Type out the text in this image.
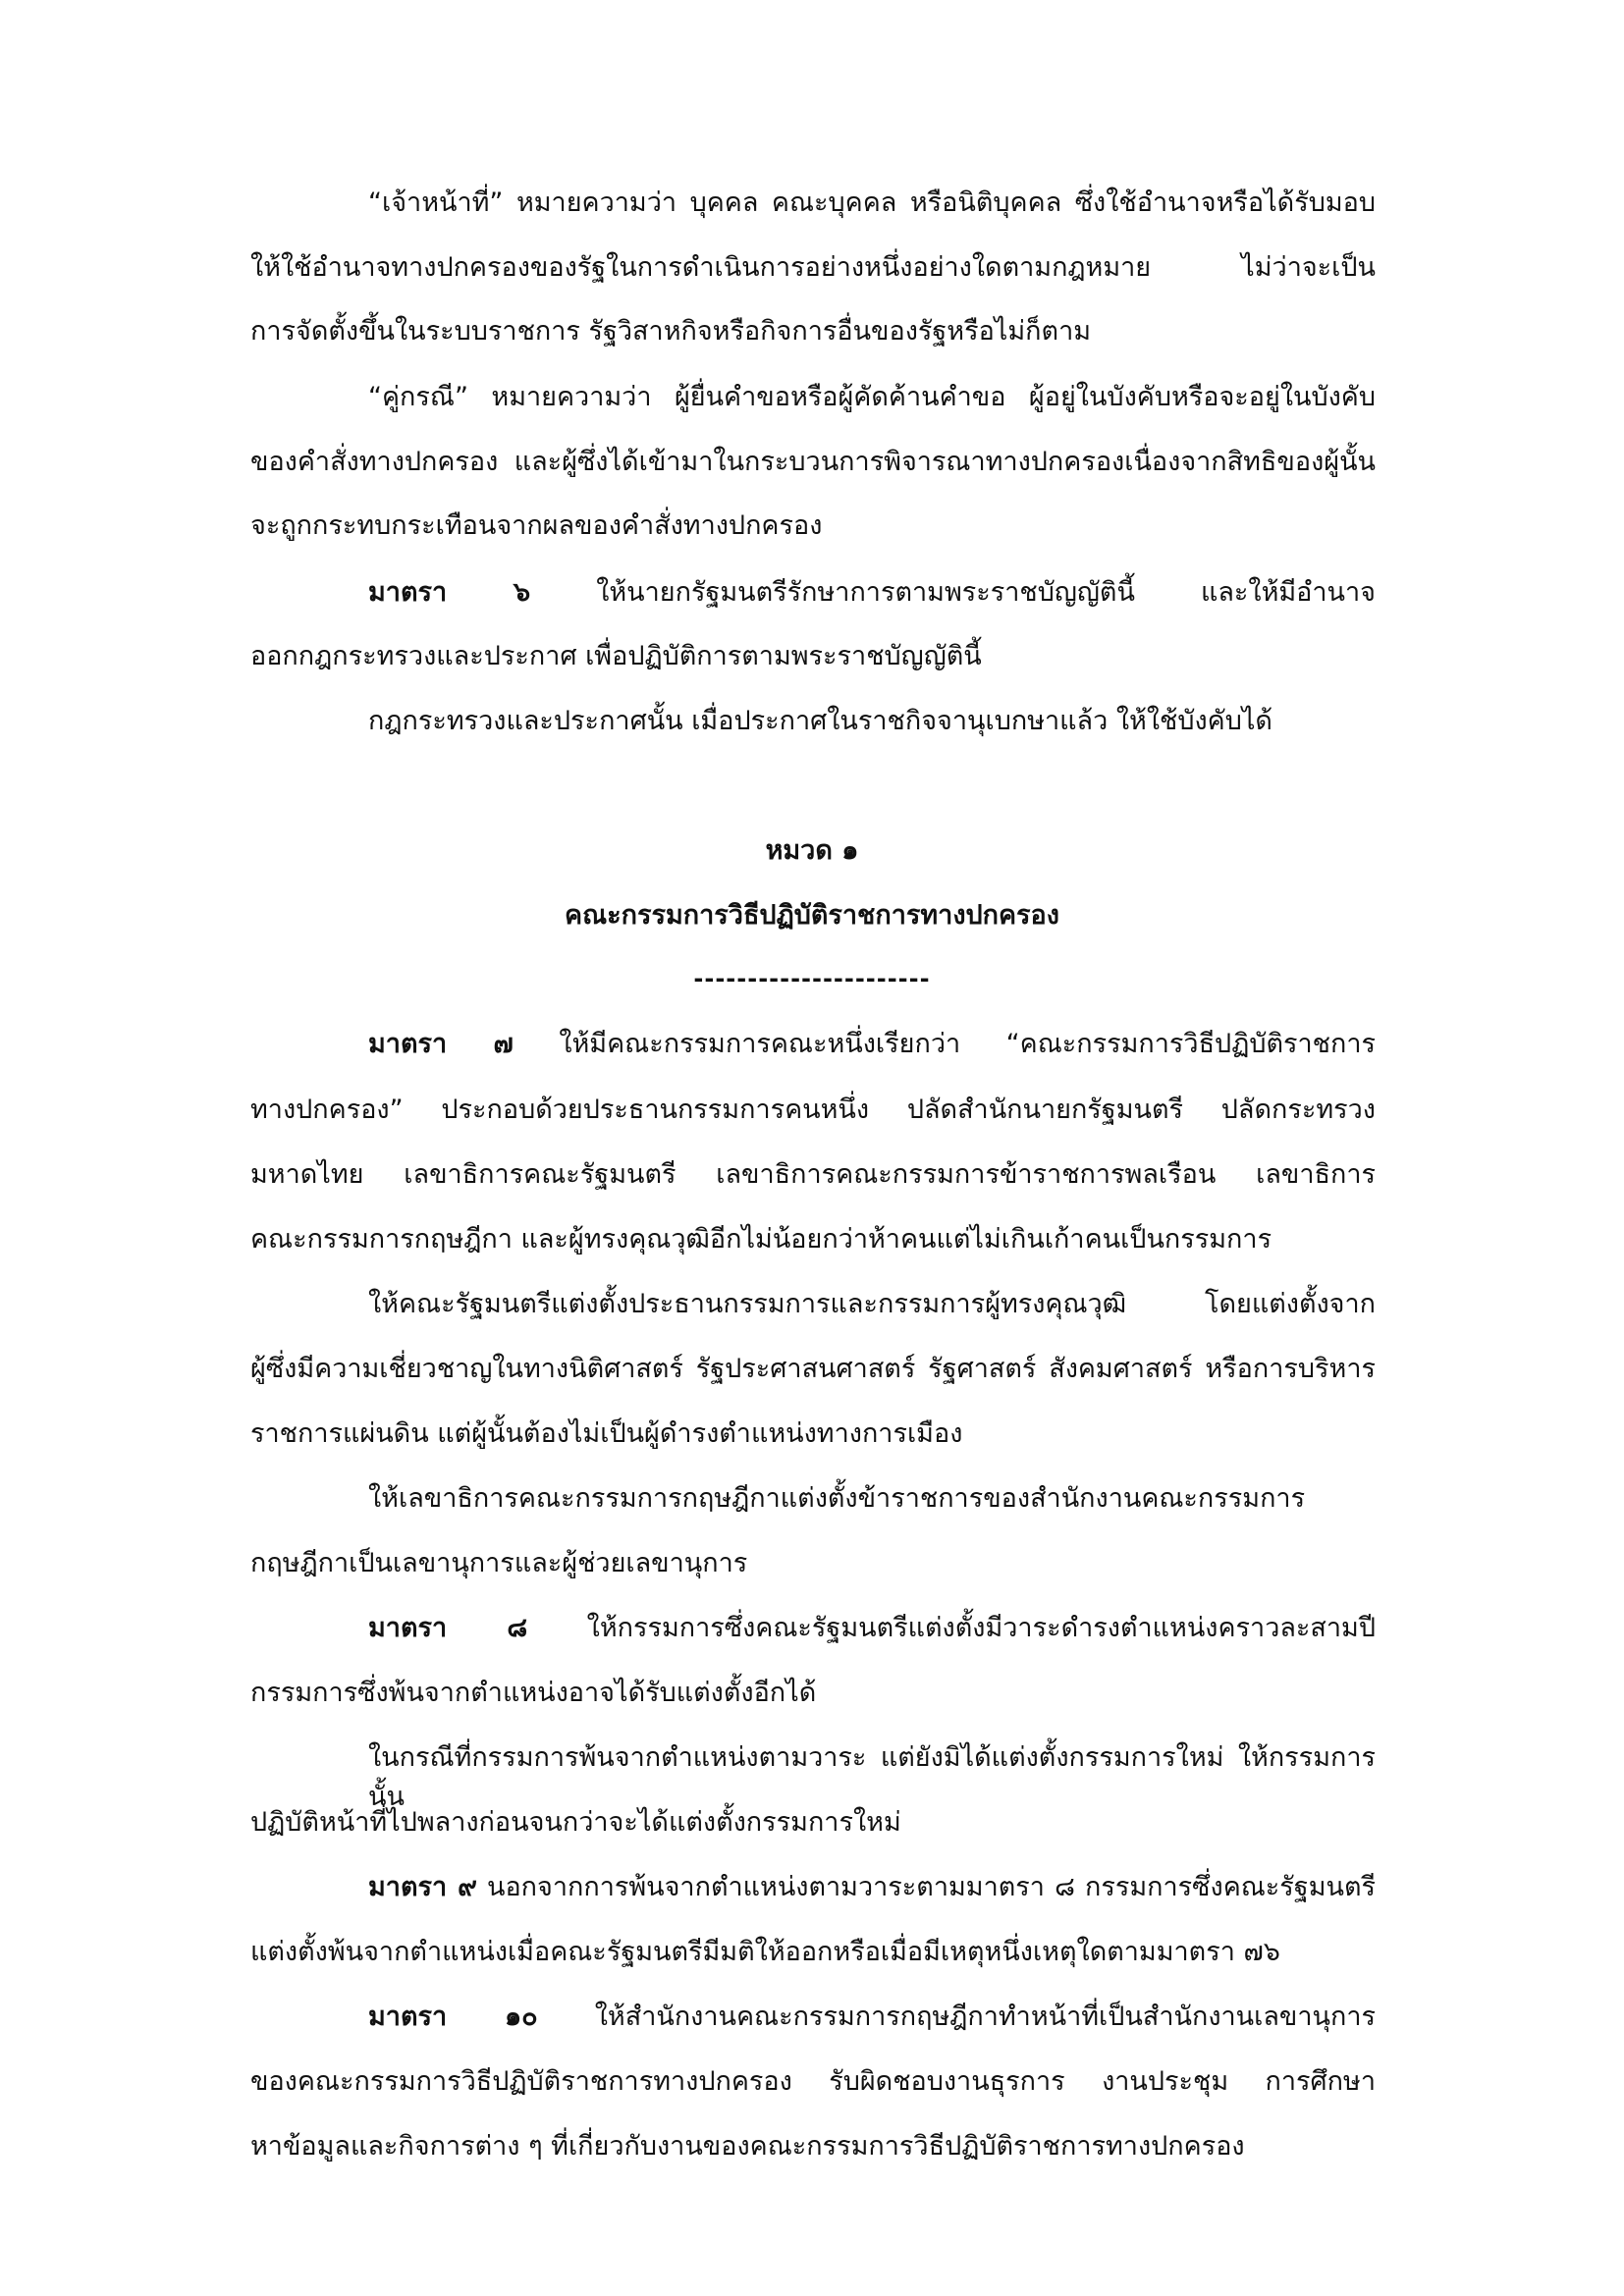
“เจ้าหน้าที่” หมายความว่า บุคคล คณะบุคคล หรือนิติบุคคล ซึ่งใช้อำนาจหรือได้รับมอบ
ให้ใช้อำนาจทางปกครองของรัฐในการดำเนินการอย่างหนึ่งอย่างใดตามกฎหมาย ไม่ว่าจะเป็น
การจัดตั้งขึ้นในระบบราชการ รัฐวิสาหกิจหรือกิจการอื่นของรัฐหรือไม่ก็ตาม
“คู่กรณี” หมายความว่า ผู้ยื่นคำขอหรือผู้คัดค้านคำขอ ผู้อยู่ในบังคับหรือจะอยู่ในบังคับ
ของคำสั่งทางปกครอง และผู้ซึ่งได้เข้ามาในกระบวนการพิจารณาทางปกครองเนื่องจากสิทธิของผู้นั้น
จะถูกกระทบกระเทือนจากผลของคำสั่งทางปกครอง
มาตรา ๖ ให้นายกรัฐมนตรีรักษาการตามพระราชบัญญัตินี้ และให้มีอำนาจ
ออกกฎกระทรวงและประกาศ เพื่อปฏิบัติการตามพระราชบัญญัตินี้
กฎกระทรวงและประกาศนั้น เมื่อประกาศในราชกิจจานุเบกษาแล้ว ให้ใช้บังคับได้
หมวด ๑
คณะกรรมการวิธีปฏิบัติราชการทางปกครอง
----------------------
มาตรา ๗ ให้มีคณะกรรมการคณะหนึ่งเรียกว่า “คณะกรรมการวิธีปฏิบัติราชการ
ทางปกครอง” ประกอบด้วยประธานกรรมการคนหนึ่ง ปลัดสำนักนายกรัฐมนตรี ปลัดกระทรวง
มหาดไทย เลขาธิการคณะรัฐมนตรี เลขาธิการคณะกรรมการข้าราชการพลเรือน เลขาธิการ
คณะกรรมการกฤษฎีกา และผู้ทรงคุณวุฒิอีกไม่น้อยกว่าห้าคนแต่ไม่เกินเก้าคนเป็นกรรมการ
ให้คณะรัฐมนตรีแต่งตั้งประธานกรรมการและกรรมการผู้ทรงคุณวุฒิ โดยแต่งตั้งจาก
ผู้ซึ่งมีความเชี่ยวชาญในทางนิติศาสตร์ รัฐประศาสนศาสตร์ รัฐศาสตร์ สังคมศาสตร์ หรือการบริหาร
ราชการแผ่นดิน แต่ผู้นั้นต้องไม่เป็นผู้ดำรงตำแหน่งทางการเมือง
ให้เลขาธิการคณะกรรมการกฤษฎีกาแต่งตั้งข้าราชการของสำนักงานคณะกรรมการ
กฤษฎีกาเป็นเลขานุการและผู้ช่วยเลขานุการ
มาตรา ๘ ให้กรรมการซึ่งคณะรัฐมนตรีแต่งตั้งมีวาระดำรงตำแหน่งคราวละสามปี
กรรมการซึ่งพ้นจากตำแหน่งอาจได้รับแต่งตั้งอีกได้
ในกรณีที่กรรมการพ้นจากตำแหน่งตามวาระ แต่ยังมิได้แต่งตั้งกรรมการใหม่ ให้กรรมการนั้น
ปฏิบัติหน้าที่ไปพลางก่อนจนกว่าจะได้แต่งตั้งกรรมการใหม่
มาตรา ๙ นอกจากการพ้นจากตำแหน่งตามวาระตามมาตรา ๘ กรรมการซึ่งคณะรัฐมนตรี
แต่งตั้งพ้นจากตำแหน่งเมื่อคณะรัฐมนตรีมีมติให้ออกหรือเมื่อมีเหตุหนึ่งเหตุใดตามมาตรา ๗๖
มาตรา ๑๐ ให้สำนักงานคณะกรรมการกฤษฎีกาทำหน้าที่เป็นสำนักงานเลขานุการ
ของคณะกรรมการวิธีปฏิบัติราชการทางปกครอง รับผิดชอบงานธุรการ งานประชุม การศึกษา
หาข้อมูลและกิจการต่าง ๆ ที่เกี่ยวกับงานของคณะกรรมการวิธีปฏิบัติราชการทางปกครอง
